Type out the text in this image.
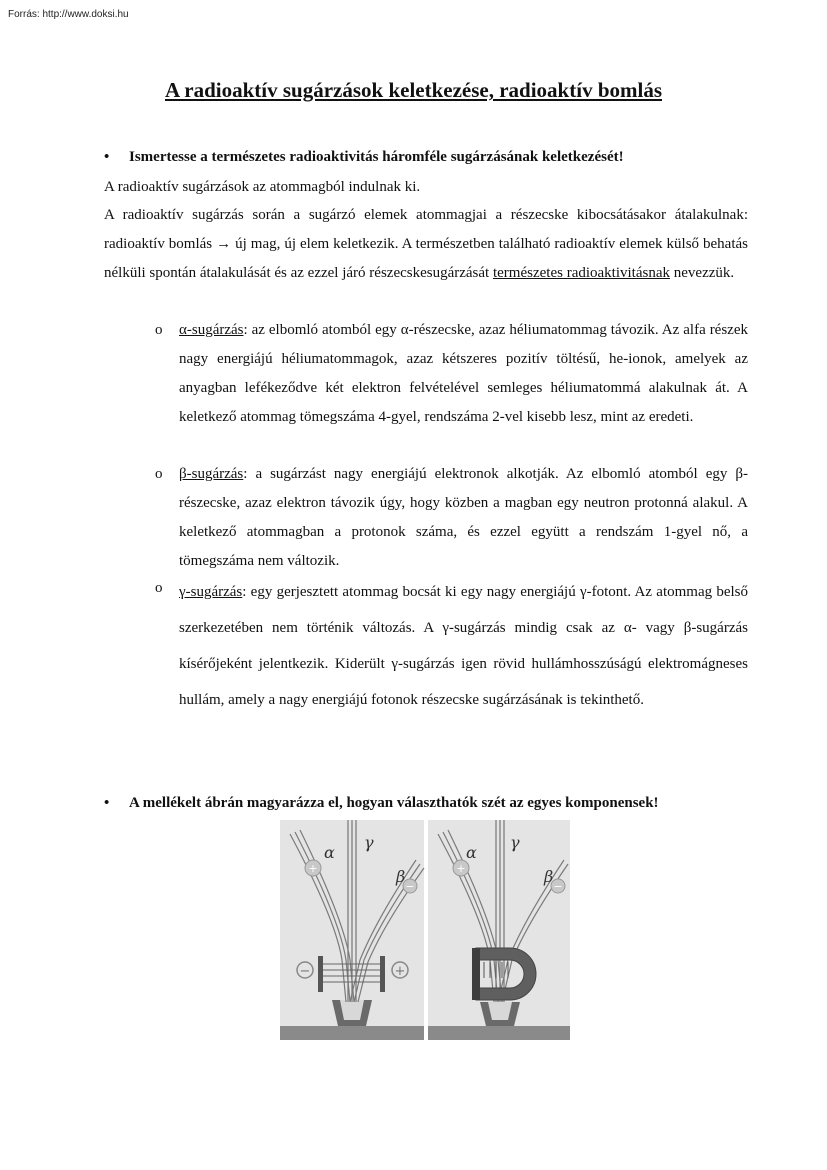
Forrás: http://www.doksi.hu
A radioaktív sugárzások keletkezése, radioaktív bomlás
• Ismertesse a természetes radioaktivitás háromféle sugárzásának keletkezését!

A radioaktív sugárzások az atommagból indulnak ki.

A radioaktív sugárzás során a sugárzó elemek atommagjai a részecske kibocsátásakor átalakulnak: radioaktív bomlás → új mag, új elem keletkezik. A természetben található radioaktív elemek külső behatás nélküli spontán átalakulását és az ezzel járó részecskesugárzását természetes radioaktivitásnak nevezzük.

o α-sugárzás: az elbomló atomból egy α-részecske, azaz héliumatommag távozik. Az alfa részek nagy energiájú héliumatommagok, azaz kétszeres pozitív töltésű, he-ionok, amelyek az anyagban lefékeződve két elektron felvételével semleges héliumatommá alakulnak át. A keletkező atommag tömegszáma 4-gyel, rendszáma 2-vel kisebb lesz, mint az eredeti.
o β-sugárzás: a sugárzást nagy energiájú elektronok alkotják. Az elbomló atomból egy β-részecske, azaz elektron távozik úgy, hogy közben a magban egy neutron protonná alakul. A keletkező atommagban a protonok száma, és ezzel együtt a rendszám 1-gyel nő, a tömegszáma nem változik.
o γ-sugárzás: egy gerjesztett atommag bocsát ki egy nagy energiájú γ-fotont. Az atommag belső szerkezetében nem történik változás. A γ-sugárzás mindig csak az α- vagy β-sugárzás kísérőjeként jelentkezik. Kiderült γ-sugárzás igen rövid hullámhosszúságú elektromágneses hullám, amely a nagy energiájú fotonok részecske sugárzásának is tekinthető.
• A mellékelt ábrán magyarázza el, hogyan választhatók szét az egyes komponensek!
−	+
+
−
α
γ
β	+
−
α
γ
β
